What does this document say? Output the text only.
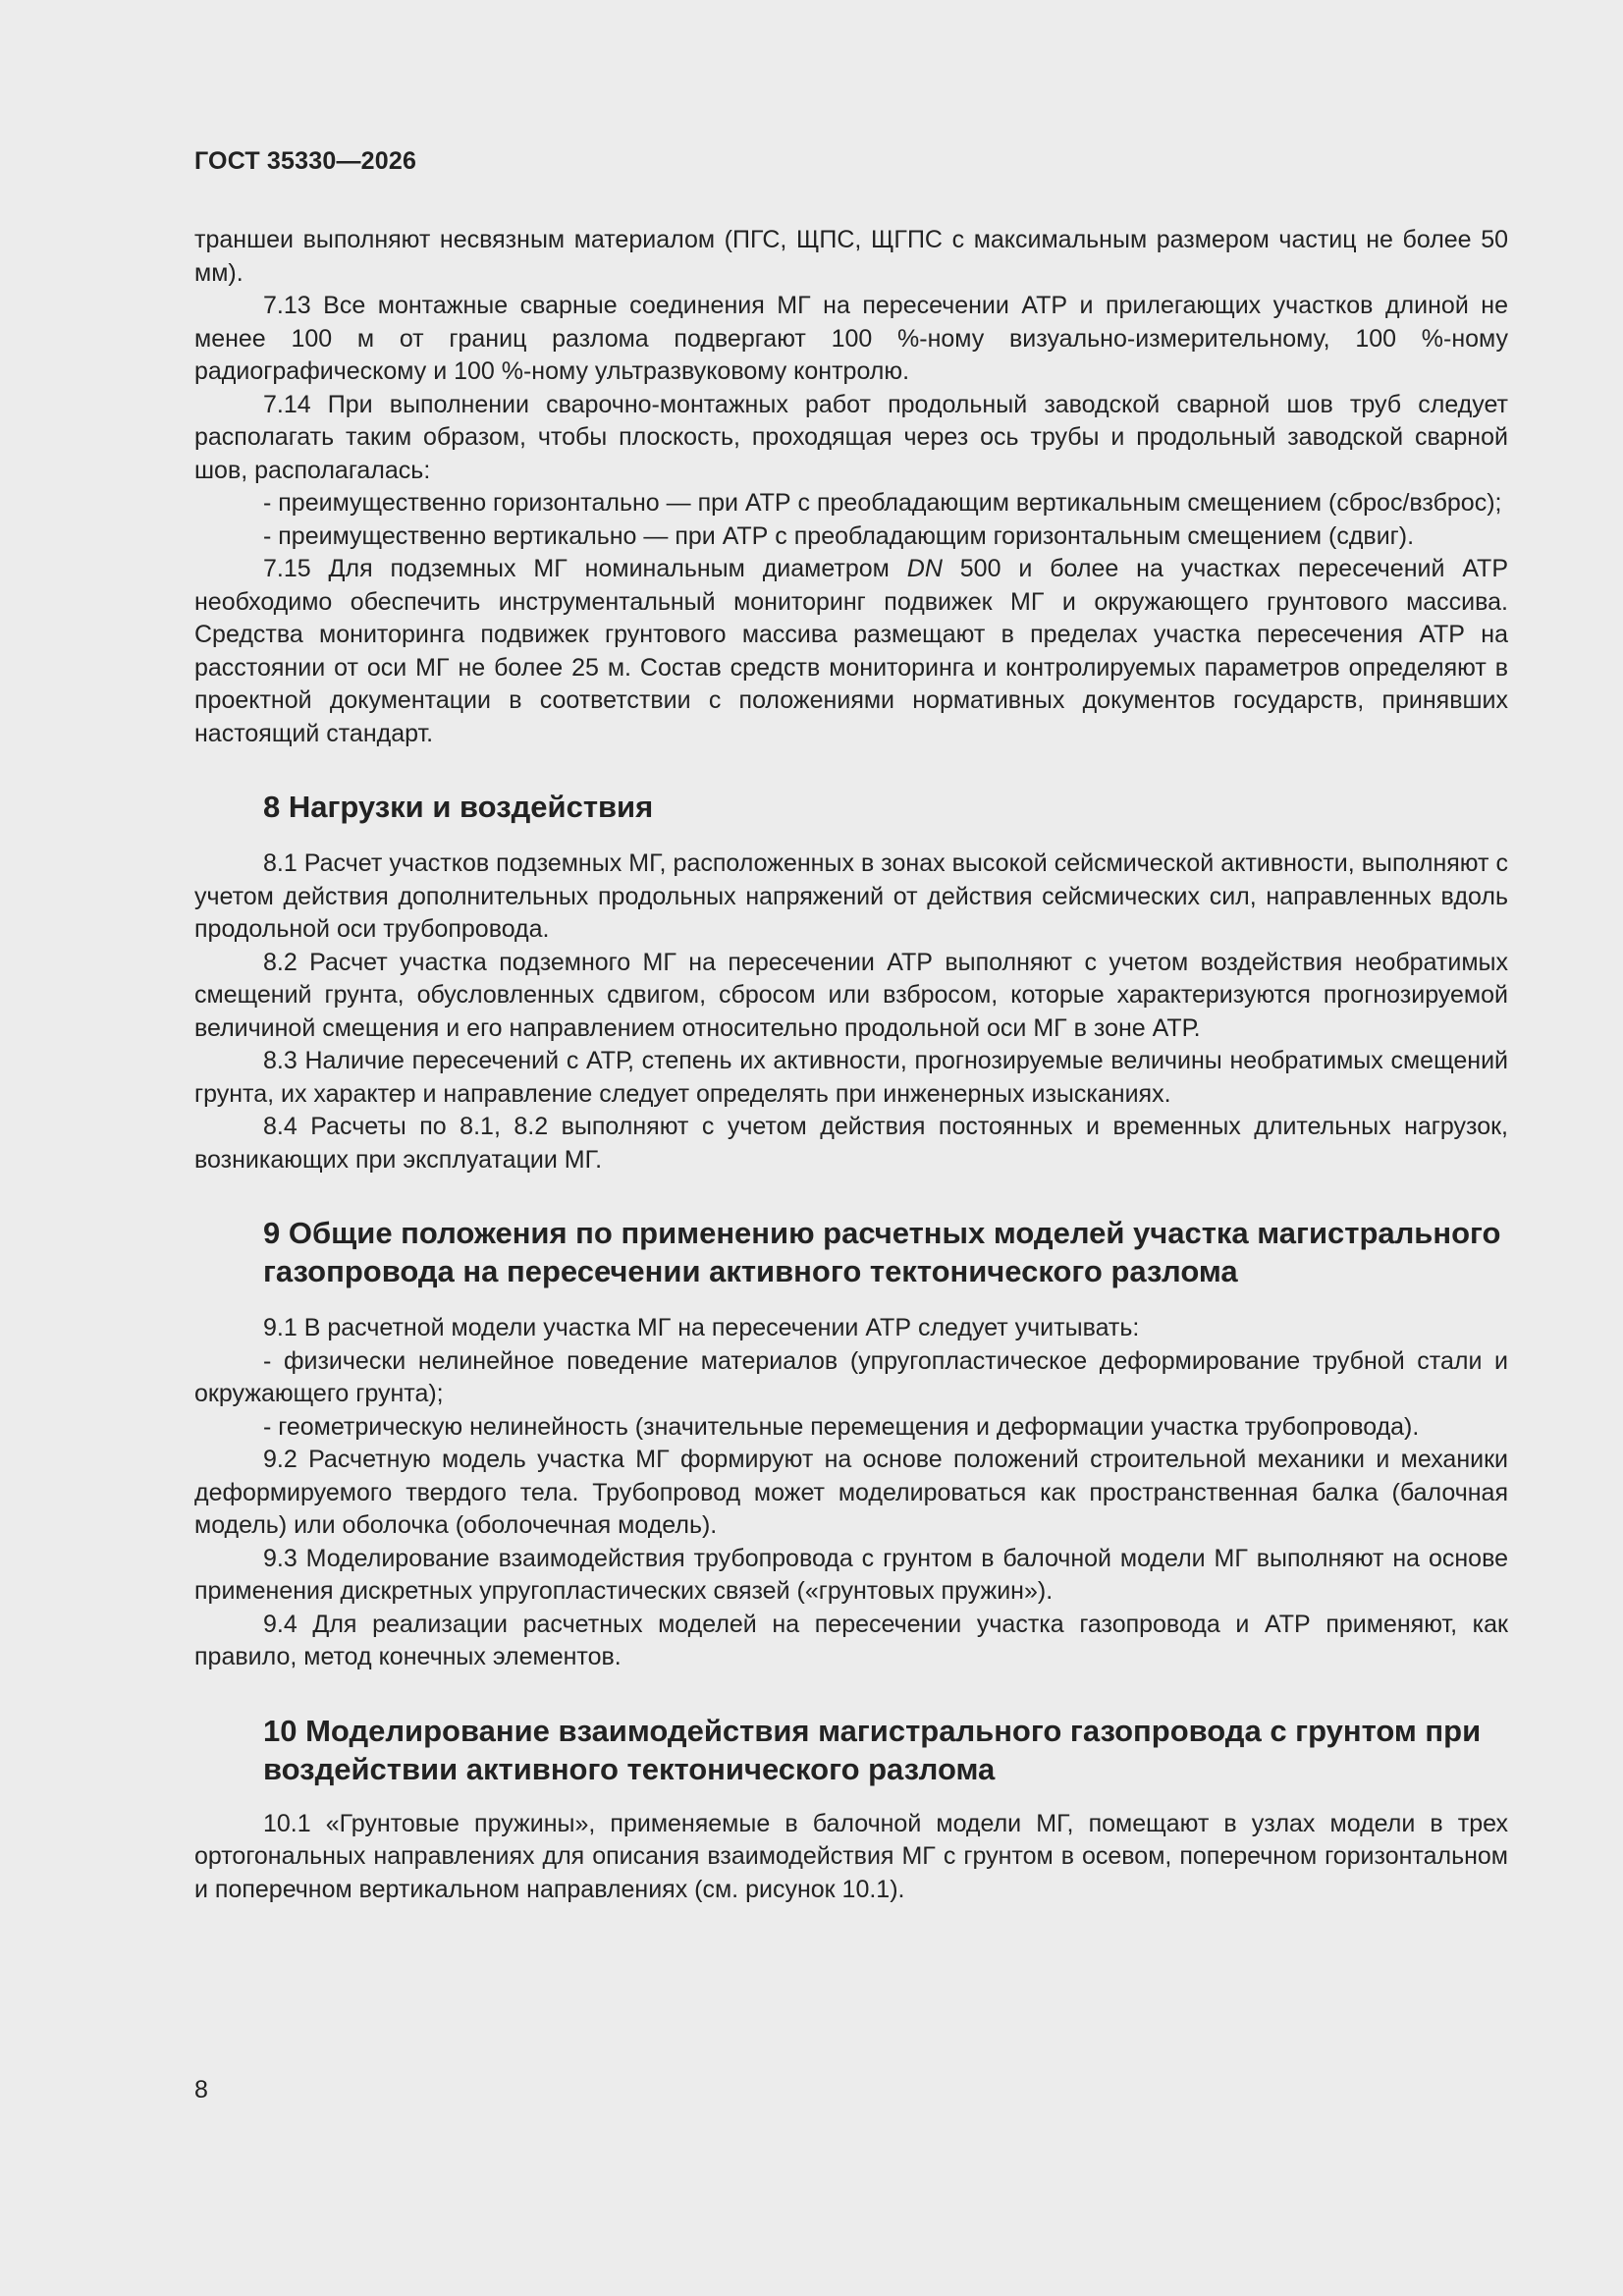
ГОСТ 35330—2026

траншеи выполняют несвязным материалом (ПГС, ЩПС, ЩГПС с максимальным размером частиц не более 50 мм).

7.13 Все монтажные сварные соединения МГ на пересечении АТР и прилегающих участков длиной не менее 100 м от границ разлома подвергают 100 %-ному визуально-измерительному, 100 %-ному радиографическому и 100 %-ному ультразвуковому контролю.

7.14 При выполнении сварочно-монтажных работ продольный заводской сварной шов труб следует располагать таким образом, чтобы плоскость, проходящая через ось трубы и продольный заводской сварной шов, располагалась:

- преимущественно горизонтально — при АТР с преобладающим вертикальным смещением (сброс/взброс);

- преимущественно вертикально — при АТР с преобладающим горизонтальным смещением (сдвиг).

7.15 Для подземных МГ номинальным диаметром DN 500 и более на участках пересечений АТР необходимо обеспечить инструментальный мониторинг подвижек МГ и окружающего грунтового массива. Средства мониторинга подвижек грунтового массива размещают в пределах участка пересечения АТР на расстоянии от оси МГ не более 25 м. Состав средств мониторинга и контролируемых параметров определяют в проектной документации в соответствии с положениями нормативных документов государств, принявших настоящий стандарт.

8 Нагрузки и воздействия

8.1 Расчет участков подземных МГ, расположенных в зонах высокой сейсмической активности, выполняют с учетом действия дополнительных продольных напряжений от действия сейсмических сил, направленных вдоль продольной оси трубопровода.

8.2 Расчет участка подземного МГ на пересечении АТР выполняют с учетом воздействия необратимых смещений грунта, обусловленных сдвигом, сбросом или взбросом, которые характеризуются прогнозируемой величиной смещения и его направлением относительно продольной оси МГ в зоне АТР.

8.3 Наличие пересечений с АТР, степень их активности, прогнозируемые величины необратимых смещений грунта, их характер и направление следует определять при инженерных изысканиях.

8.4 Расчеты по 8.1, 8.2 выполняют с учетом действия постоянных и временных длительных нагрузок, возникающих при эксплуатации МГ.

9 Общие положения по применению расчетных моделей участка магистрального газопровода на пересечении активного тектонического разлома

9.1 В расчетной модели участка МГ на пересечении АТР следует учитывать:

- физически нелинейное поведение материалов (упругопластическое деформирование трубной стали и окружающего грунта);

- геометрическую нелинейность (значительные перемещения и деформации участка трубопровода).

9.2 Расчетную модель участка МГ формируют на основе положений строительной механики и механики деформируемого твердого тела. Трубопровод может моделироваться как пространственная балка (балочная модель) или оболочка (оболочечная модель).

9.3 Моделирование взаимодействия трубопровода с грунтом в балочной модели МГ выполняют на основе применения дискретных упругопластических связей («грунтовых пружин»).

9.4 Для реализации расчетных моделей на пересечении участка газопровода и АТР применяют, как правило, метод конечных элементов.

10 Моделирование взаимодействия магистрального газопровода с грунтом при воздействии активного тектонического разлома

10.1 «Грунтовые пружины», применяемые в балочной модели МГ, помещают в узлах модели в трех ортогональных направлениях для описания взаимодействия МГ с грунтом в осевом, поперечном горизонтальном и поперечном вертикальном направлениях (см. рисунок 10.1).

8
